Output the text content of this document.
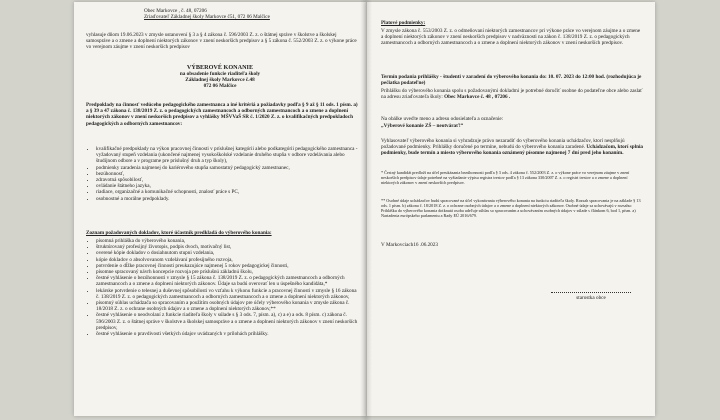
Obec Markovce , č. 48, 07206
Zriaďovateľ Základnej školy Markovce č51, 072 06 Malčice
vyhlasuje dňom 19.06.2023 v zmysle ustanovení § 3 a § 4 zákona č. 596/2003 Z. z. o štátnej správe v školstve a školskej samospráve a o zmene a doplnení niektorých zákonov v znení neskorších predpisov a § 5 zákona č. 552/2003 Z. z. o výkone práce vo verejnom záujme v znení neskorších predpisov
VÝBEROVÉ KONANIE
na obsadenie funkcie riaditeľa školy
Základnej školy Markovce č.48
072 06 Malčice
Predpoklady na činnosť vedúceho pedagogického zamestnanca a iné kritériá a požiadavky podľa § 9 až § 11 ods. 1 písm. a) a § 39 a 47 zákona č. 138/2019 Z. z. o pedagogických zamestnancoch a odborných zamestnancoch a o zmene a doplnení niektorých zákonov v znení neskorších predpisov a vyhlášky MŠVVaŠ SR č. 1/2020 Z. z. o kvalifikačných predpokladoch pedagogických a odborných zamestnancov:
• kvalifikačné predpoklady na výkon pracovnej činnosti v príslušnej kategórii alebo podkategórii pedagogického zamestnanca - vyžadovaný stupeň vzdelania (ukončené najmenej vysokoškolské vzdelanie druhého stupňa v odbore vzdelávania alebo študijnom odbore a v programe pre príslušný druh a typ školy),
• podmienky zaradenia najmenej do kariérového stupňa samostatný pedagogický zamestnanec,
• bezúhonnosť,
• zdravotná spôsobilosť,
• ovládanie štátneho jazyka,
• riadiace, organizačné a komunikačné schopnosti, znalosť práce s PC,
• osobnostné a morálne predpoklady.
Zoznam požadovaných dokladov, ktoré účastník predkladá do výberového konania:
• písomná prihláška do výberového konania,
• štruktúrovaný profesijný životopis, podpis dvoch, motivačný list,
• overené kópie dokladov o dosiahnutom stupni vzdelania,
• kópie dokladov o absolvovanom vzdelávaní profesijného rozvoja,
• potvrdenie o dĺžke pracovnej činnosti preukazujúce najmenej 5 rokov pedagogickej činnosti,
• písomne spracovaný návrh koncepcie rozvoja pre príslušnú základnú školu,
• čestné vyhlásenie o bezúhonnosti v zmysle § 15 zákona č. 138/2019 Z. z. o pedagogických zamestnancoch a odborných zamestnancoch a o zmene a doplnení niektorých zákonov. Údaje sa budú overovať len u úspešného kandidáta,*
• lekárske potvrdenie o telesnej a duševnej spôsobilosti vo vzťahu k výkonu funkcie a pracovnej činnosti v zmysle § 16 zákona č. 138/2019 Z. z. o pedagogických zamestnancoch a odborných zamestnancoch a o zmene a doplnení niektorých zákonov,
• písomný súhlas uchádzača so spracovaním a použitím osobných údajov pre účely výberového konania v zmysle zákona č. 18/2018 Z. z. o ochrane osobných údajov a o zmene a doplnení niektorých zákonov,**
• čestné vyhlásenie o neodvolaní z funkcie riaditeľa školy v súlade s § 3 ods. 7, písm. a), c) a e) a ods. 8 písm. c) zákona č. 596/2003 Z. z. o štátnej správe v školstve a školskej samospráve a o zmene a doplnení niektorých zákonov v znení neskorších predpisov,
• čestné vyhlásenie o pravdivosti všetkých údajov uvádzaných v prílohách prihlášky.
Platové podmienky:
V zmysle zákona č. 553/2003 Z. z. o odmeňovaní niektorých zamestnancov pri výkone práce vo verejnom záujme a o zmene a doplnení niektorých zákonov v znení neskorších predpisov v nadväznosti na zákon č. 138/2019 Z. z. o pedagogických zamestnancoch a odborných zamestnancoch a o zmene a doplnení niektorých zákonov v znení neskorších predpisov.
Termín podania prihlášky - študenti v zaradení do výberového konania do: 10. 07. 2023 do 12:00 hod. (rozhodujúca je pečiatka podateľne)
Prihlášku do výberového konania spolu s požadovanými dokladmi je potrebné doručiť osobne do podateľne obce alebo zaslať na adresu zriaďovateľa školy: Obec Markovce č. 48 , 07206 .
Na obálke uveďte meno a adresu odosielateľa a označenie:
„Výberové konanie ZŠ – neotvárať!“
Vyhlasovateľ výberového konania si vyhradzuje právo nezaradiť do výberového konania uchádzačov, ktorí nesplňujú požadované podmienky. Prihlášky doručené po termíne, nebudú do výberového konania zaradené. Uchádzačom, ktorí splnia podmienky, bude termín a miesto výberového konania oznámený písomne najmenej 7 dní pred jeho konaním.
* Čestný kandidát predloží na účel preukázania bezúhonnosti podľa § 3 ods. 4 zákona č. 552/2003 Z. z. o výkone práce vo verejnom záujme v znení neskorších predpisov údaje potrebné na vyžiadanie výpisu registra trestov podľa § 13 zákona 330/2007 Z. z. o registri trestov a o zmene a doplnení niektorých zákonov v znení neskorších predpisov.
** Osobné údaje uchádzačov budú spracované na účel vykonávania výberového konania na funkciu riaditeľa školy. Rozsah spracovania je na základe § 13 ods. 1 písm. b) zákona č. 18/2018 Z. z. o ochrane osobných údajov a o zmene a doplnení niektorých zákonov. Osobné údaje sa uchovávajú v rozsahu: Prihlášku do výberového konania dotknutá osoba udeľuje súhlas so spracovaním a uchovávaním osobných údajov v súlade s článkom 6, bod 1, písm. a) Nariadenia európskeho parlamentu a Rady EÚ 2016/679.
V Markovciach16 .06.2023
starostka obce
